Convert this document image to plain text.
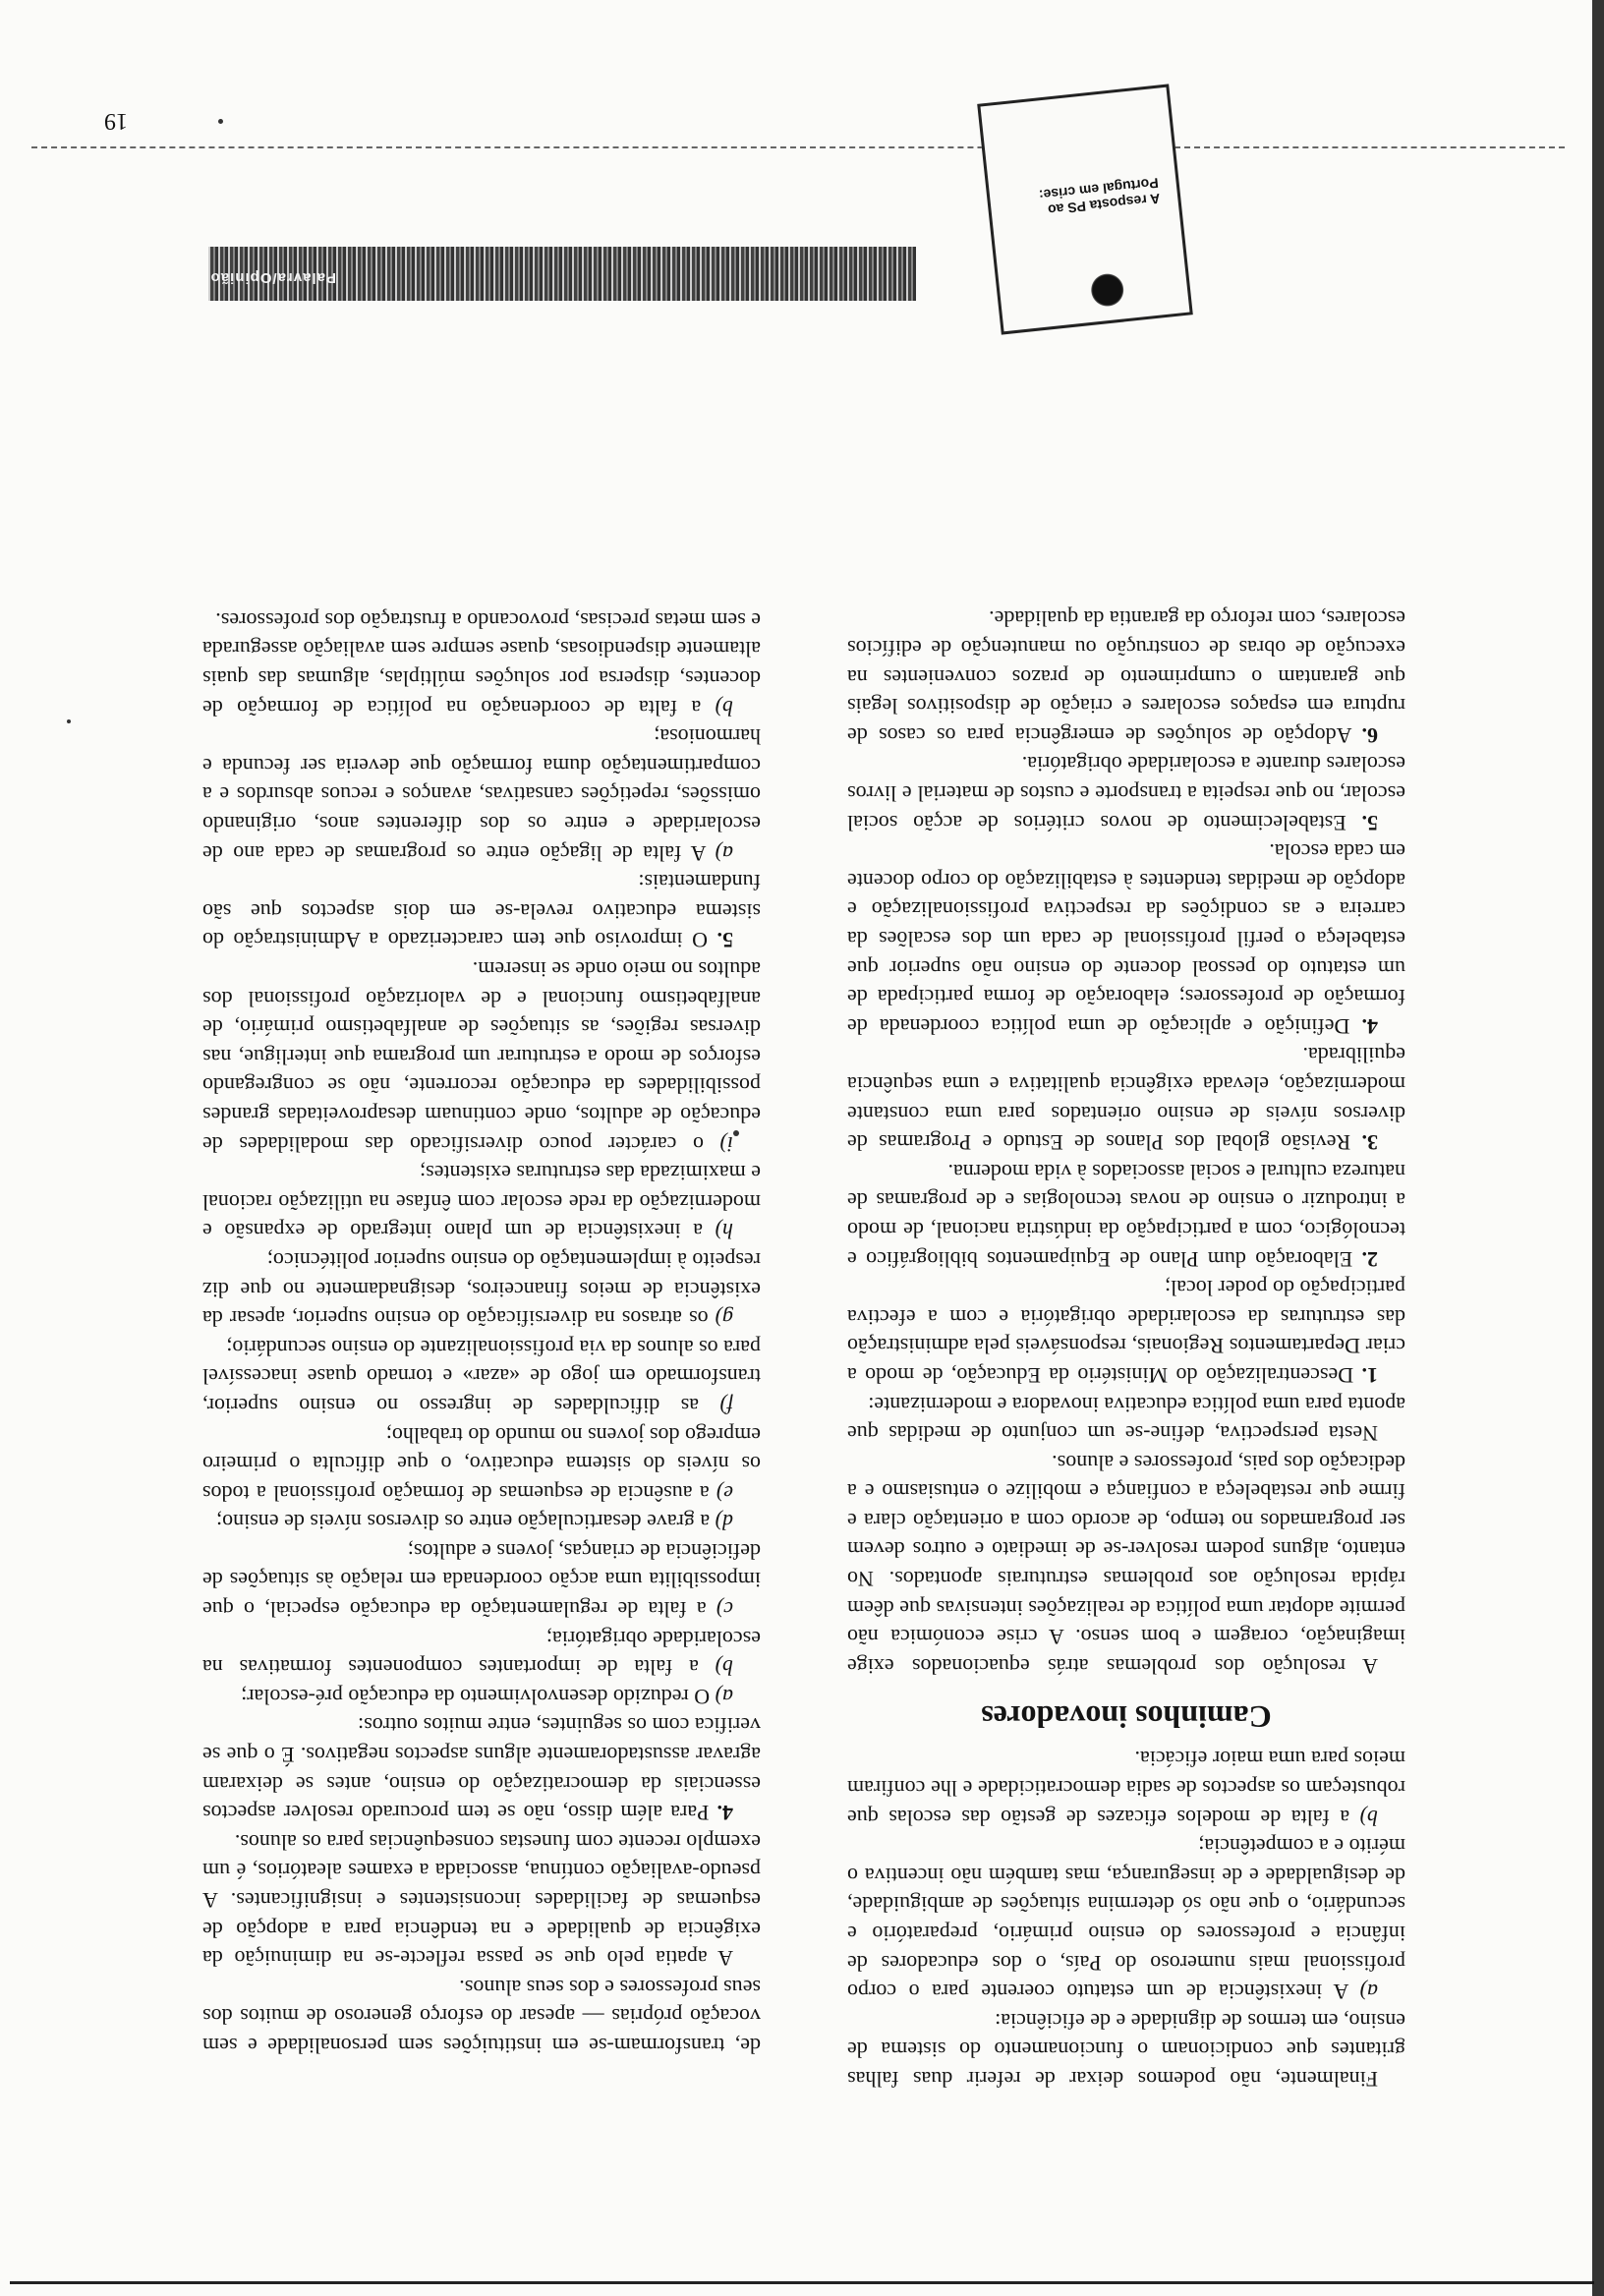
Palavra/Opinião
A resposta PS ao Portugal em crise:

de, transformam-se em instituições sem personalidade e sem vocação próprias — apesar do esforço generoso de muitos dos seus professores e dos seus alunos.

A apatia pelo que se passa reflecte-se na diminuição da exigência de qualidade e na tendência para a adopção de esquemas de facilidades inconsistentes e insignificantes. A pseudo-avaliação contínua, associada a exames aleatórios, é um exemplo recente com funestas consequências para os alunos.

4. Para além disso, não se tem procurado resolver aspectos essenciais da democratização do ensino, antes se deixaram agravar assustadoramente alguns aspectos negativos. É o que se verifica com os seguintes, entre muitos outros:

a) O reduzido desenvolvimento da educação pré-escolar;

b) a falta de importantes componentes formativas na escolaridade obrigatória;

c) a falta de regulamentação da educação especial, o que impossibilita uma acção coordenada em relação às situações de deficiência de crianças, jovens e adultos;

d) a grave desarticulação entre os diversos níveis de ensino;

e) a ausência de esquemas de formação profissional a todos os níveis do sistema educativo, o que dificulta o primeiro emprego dos jovens no mundo do trabalho;

f) as dificuldades de ingresso no ensino superior, transformado em jogo de «azar» e tornado quase inacessível para os alunos da via profissionalizante do ensino secundário;

g) os atrasos na diversificação do ensino superior, apesar da existência de meios financeiros, designadamente no que diz respeito à implementação do ensino superior politécnico;

h) a inexistência de um plano integrado de expansão e modernização da rede escolar com ênfase na utilização racional e maximizada das estruturas existentes;

i) o carácter pouco diversificado das modalidades de educação de adultos, onde continuam desaproveitadas grandes possibilidades da educação recorrente, não se congregando esforços de modo a estruturar um programa que interligue, nas diversas regiões, as situações de analfabetismo primário, de analfabetismo funcional e de valorização profissional dos adultos no meio onde se inserem.

5. O improviso que tem caracterizado a Administração do sistema educativo revela-se em dois aspectos que são fundamentais:

a) A falta de ligação entre os programas de cada ano de escolaridade e entre os dos diferentes anos, originando omissões, repetições cansativas, avanços e recuos absurdos e a compartimentação duma formação que deveria ser fecunda e harmoniosa;

b) a falta de coordenação na política de formação de docentes, dispersa por soluções múltiplas, algumas das quais altamente dispendiosas, quase sempre sem avaliação assegurada e sem metas precisas, provocando a frustração dos professores.

Finalmente, não podemos deixar de referir duas falhas gritantes que condicionam o funcionamento do sistema de ensino, em termos de dignidade e de eficiência:

a) A inexistência de um estatuto coerente para o corpo profissional mais numeroso do País, o dos educadores de infância e professores do ensino primário, preparatório e secundário, o que não só determina situações de ambiguidade, de desigualdade e de insegurança, mas também não incentiva o mérito e a competência;

b) a falta de modelos eficazes de gestão das escolas que robusteçam os aspectos de sadia democraticidade e lhe confiram meios para uma maior eficácia.

Caminhos inovadores

A resolução dos problemas atrás equacionados exige imaginação, coragem e bom senso. A crise económica não permite adoptar uma política de realizações intensivas que dêem rápida resolução aos problemas estruturais apontados. No entanto, alguns podem resolver-se de imediato e outros devem ser programados no tempo, de acordo com a orientação clara e firme que restabeleça a confiança e mobilize o entusiasmo e a dedicação dos pais, professores e alunos.

Nesta perspectiva, define-se um conjunto de medidas que aponta para uma política educativa inovadora e modernizante:

1. Descentralização do Ministério da Educação, de modo a criar Departamentos Regionais, responsáveis pela administração das estruturas da escolaridade obrigatória e com a efectiva participação do poder local;

2. Elaboração dum Plano de Equipamentos bibliográfico e tecnológico, com a participação da indústria nacional, de modo a introduzir o ensino de novas tecnologias e de programas de natureza cultural e social associados à vida moderna.

3. Revisão global dos Planos de Estudo e Programas de diversos níveis de ensino orientados para uma constante modernização, elevada exigência qualitativa e uma sequência equilibrada.

4. Definição e aplicação de uma política coordenada de formação de professores; elaboração de forma participada de um estatuto do pessoal docente do ensino não superior que estabeleça o perfil profissional de cada um dos escalões da carreira e as condições da respectiva profissionalização e adopção de medidas tendentes à estabilização do corpo docente em cada escola.

5. Estabelecimento de novos critérios de acção social escolar, no que respeita a transporte e custos de material e livros escolares durante a escolaridade obrigatória.

6. Adopção de soluções de emergência para os casos de ruptura em espaços escolares e criação de dispositivos legais que garantam o cumprimento de prazos convenientes na execução de obras de construção ou manutenção de edifícios escolares, com reforço da garantia da qualidade.

19
